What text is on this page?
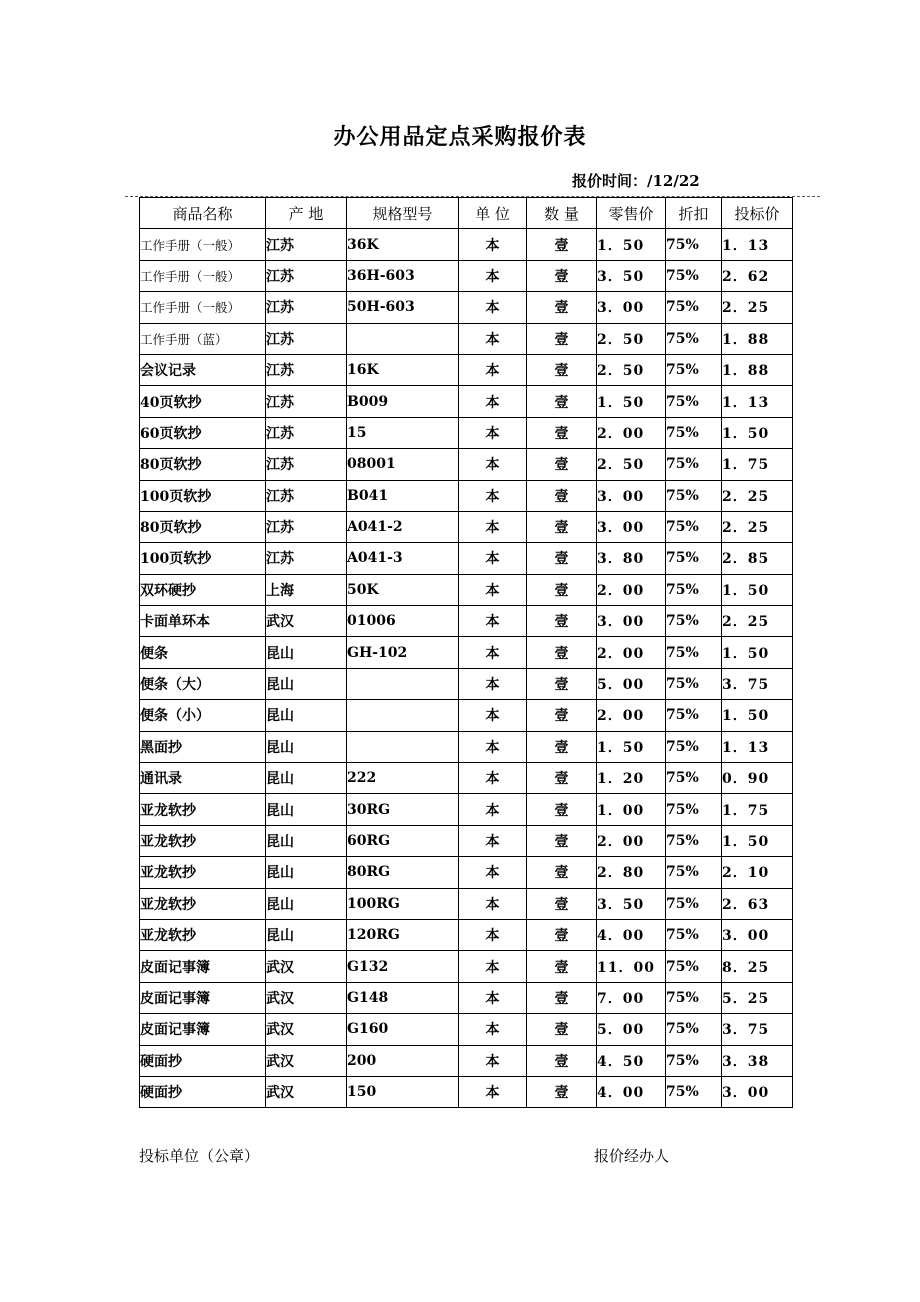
办公用品定点采购报价表
报价时间：/12/22
商品名称	产 地	规格型号	单 位	数 量	零售价	折扣	投标价
工作手册（一般）	江苏	36K	本	壹	1．50	75%	1．13
工作手册（一般）	江苏	36H-603	本	壹	3．50	75%	2．62
工作手册（一般）	江苏	50H-603	本	壹	3．00	75%	2．25
工作手册（蓝）	江苏		本	壹	2．50	75%	1．88
会议记录	江苏	16K	本	壹	2．50	75%	1．88
40页软抄	江苏	B009	本	壹	1．50	75%	1．13
60页软抄	江苏	15	本	壹	2．00	75%	1．50
80页软抄	江苏	08001	本	壹	2．50	75%	1．75
100页软抄	江苏	B041	本	壹	3．00	75%	2．25
80页软抄	江苏	A041-2	本	壹	3．00	75%	2．25
100页软抄	江苏	A041-3	本	壹	3．80	75%	2．85
双环硬抄	上海	50K	本	壹	2．00	75%	1．50
卡面单环本	武汉	01006	本	壹	3．00	75%	2．25
便条	昆山	GH-102	本	壹	2．00	75%	1．50
便条（大）	昆山		本	壹	5．00	75%	3．75
便条（小）	昆山		本	壹	2．00	75%	1．50
黑面抄	昆山		本	壹	1．50	75%	1．13
通讯录	昆山	222	本	壹	1．20	75%	0．90
亚龙软抄	昆山	30RG	本	壹	1．00	75%	1．75
亚龙软抄	昆山	60RG	本	壹	2．00	75%	1．50
亚龙软抄	昆山	80RG	本	壹	2．80	75%	2．10
亚龙软抄	昆山	100RG	本	壹	3．50	75%	2．63
亚龙软抄	昆山	120RG	本	壹	4．00	75%	3．00
皮面记事簿	武汉	G132	本	壹	11．00	75%	8．25
皮面记事簿	武汉	G148	本	壹	7．00	75%	5．25
皮面记事簿	武汉	G160	本	壹	5．00	75%	3．75
硬面抄	武汉	200	本	壹	4．50	75%	3．38
硬面抄	武汉	150	本	壹	4．00	75%	3．00
投标单位（公章）	报价经办人
